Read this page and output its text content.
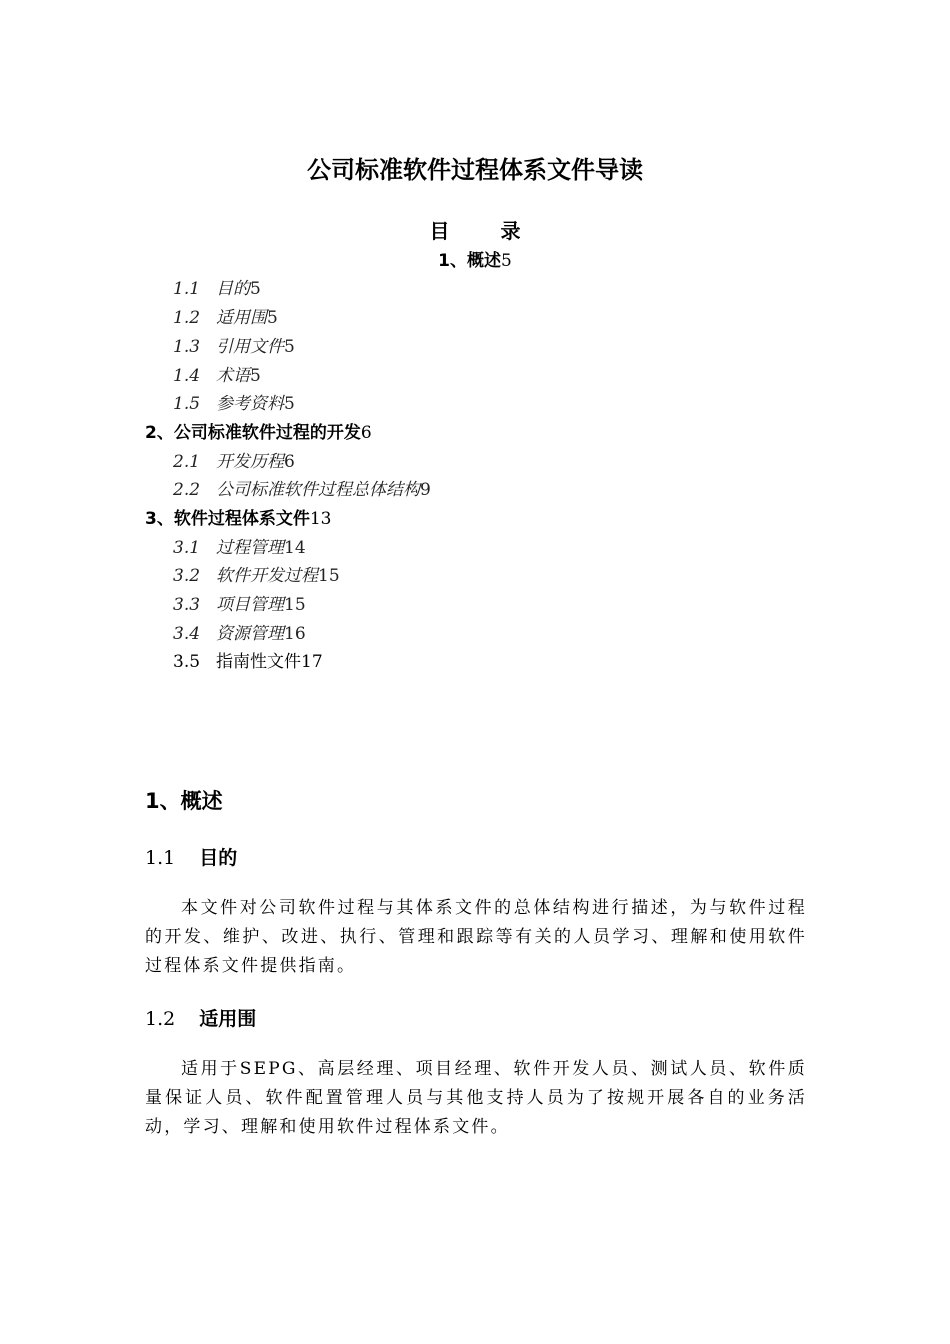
公司标准软件过程体系文件导读
目 录
1、概述5
1.1 目的5
1.2 适用围5
1.3 引用文件5
1.4 术语5
1.5 参考资料5
2、公司标准软件过程的开发6
2.1 开发历程6
2.2 公司标准软件过程总体结构9
3、软件过程体系文件13
3.1 过程管理14
3.2 软件开发过程15
3.3 项目管理15
3.4 资源管理16
3.5 指南性文件17
1、概述
1.1 目的
本文件对公司软件过程与其体系文件的总体结构进行描述，为与软件过程的开发、维护、改进、执行、管理和跟踪等有关的人员学习、理解和使用软件过程体系文件提供指南。
1.2 适用围
适用于SEPG、高层经理、项目经理、软件开发人员、测试人员、软件质量保证人员、软件配置管理人员与其他支持人员为了按规开展各自的业务活动，学习、理解和使用软件过程体系文件。
